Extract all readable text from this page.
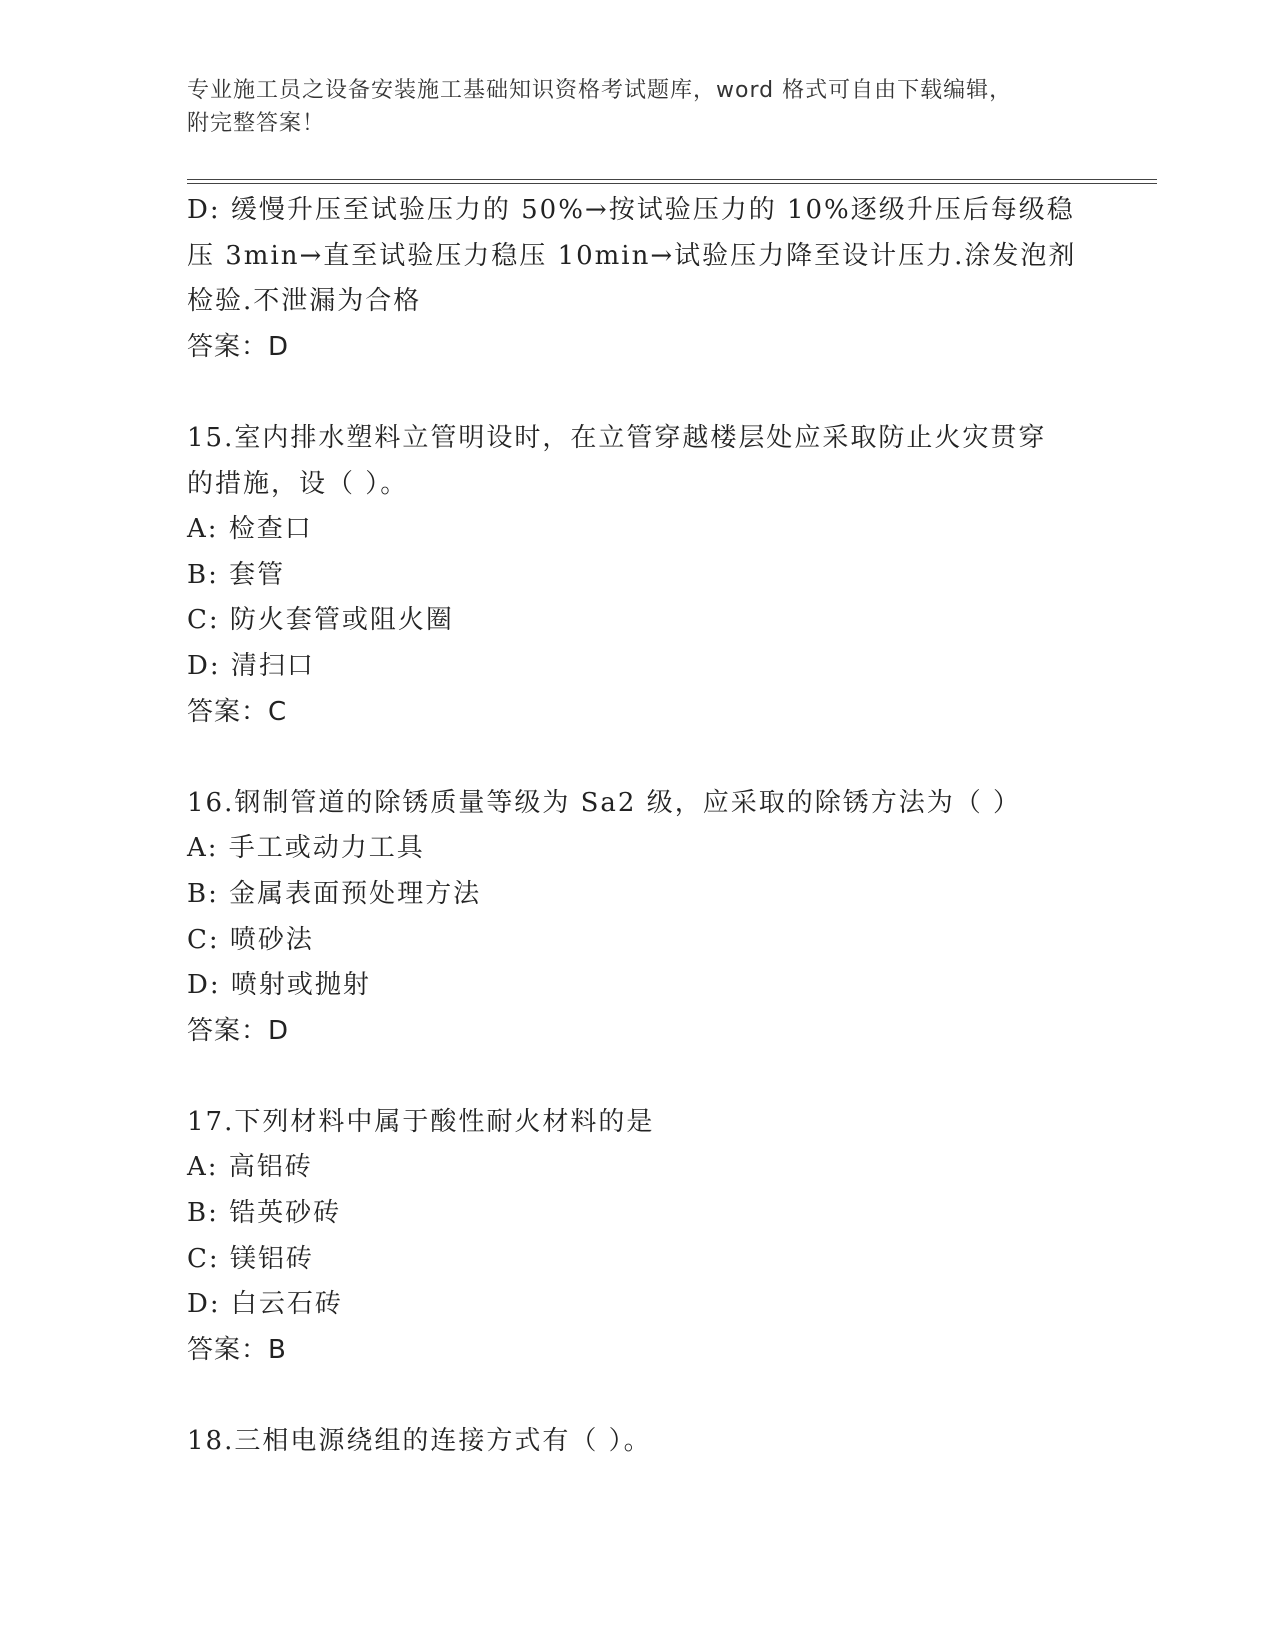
专业施工员之设备安装施工基础知识资格考试题库，word 格式可自由下载编辑，
附完整答案！
D: 缓慢升压至试验压力的 50%→按试验压力的 10%逐级升压后每级稳
压 3min→直至试验压力稳压 10min→试验压力降至设计压力.涂发泡剂
检验.不泄漏为合格
答案：D
15.室内排水塑料立管明设时，在立管穿越楼层处应采取防止火灾贯穿
的措施，设（ ）。
A: 检查口
B: 套管
C: 防火套管或阻火圈
D: 清扫口
答案：C
16.钢制管道的除锈质量等级为 Sa2 级，应采取的除锈方法为（ ）
A: 手工或动力工具
B: 金属表面预处理方法
C: 喷砂法
D: 喷射或抛射
答案：D
17.下列材料中属于酸性耐火材料的是
A: 高铝砖
B: 锆英砂砖
C: 镁铝砖
D: 白云石砖
答案：B
18.三相电源绕组的连接方式有（ ）。
